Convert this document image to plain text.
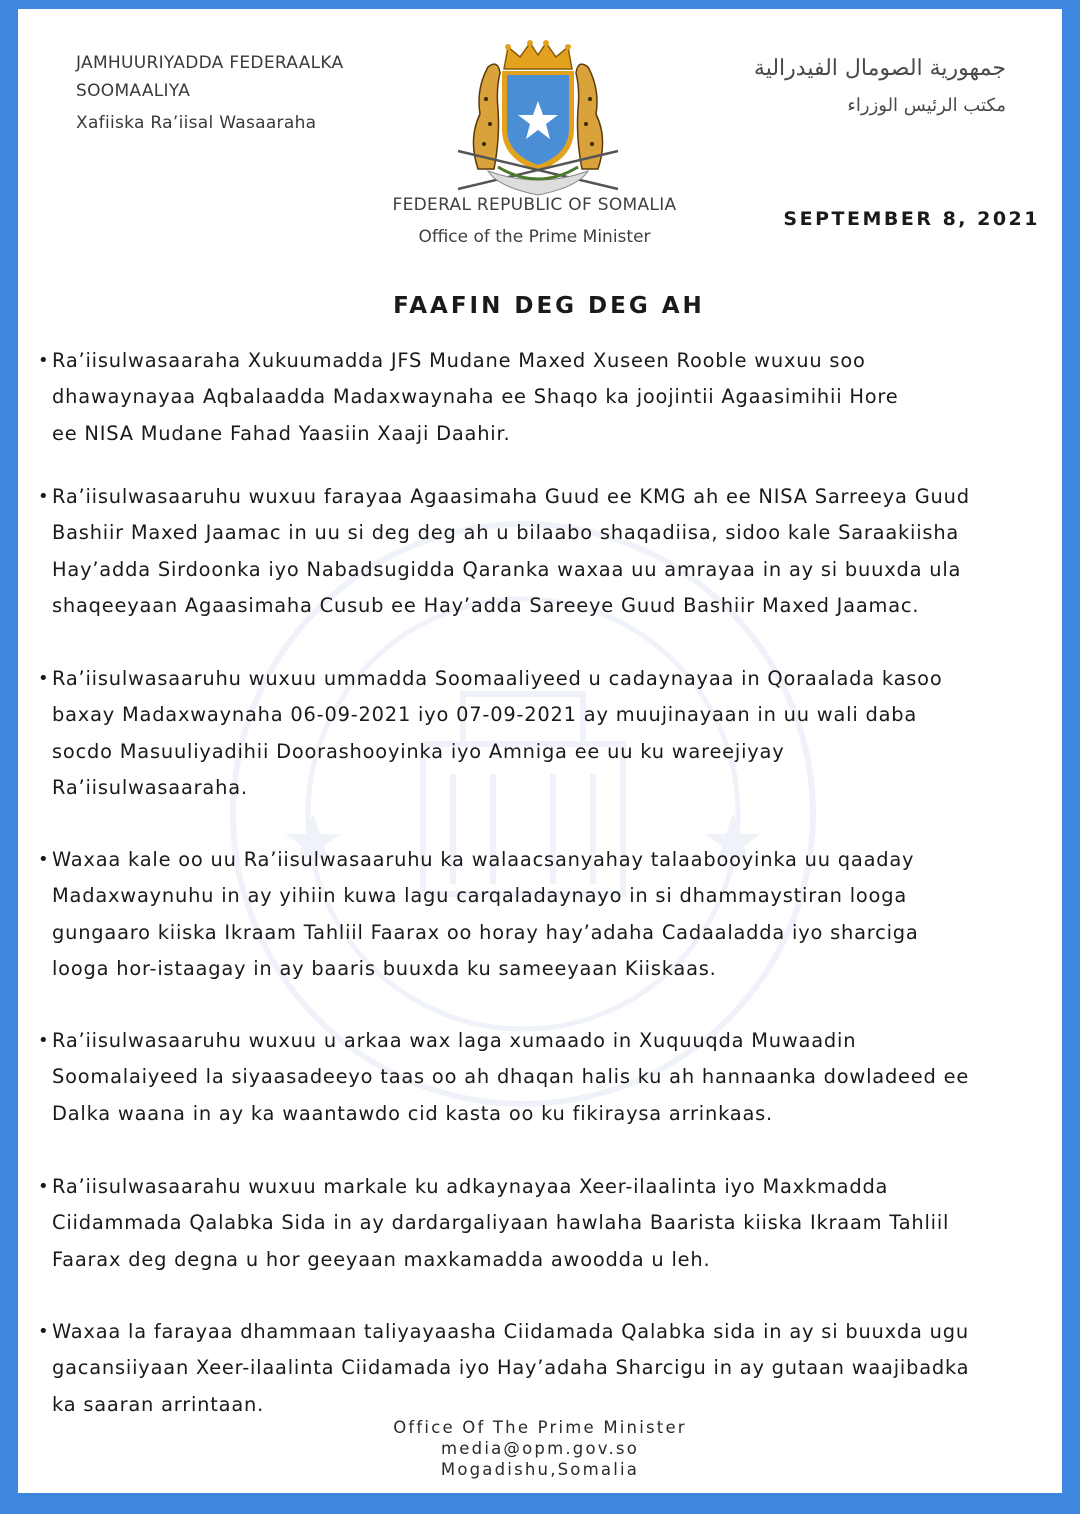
JAMHUURIYADDA FEDERAALKA
SOOMAALIYA
Xafiiska Ra’iisal Wasaaraha
جمهورية الصومال الفيدرالية
مكتب الرئيس الوزراء
FEDERAL REPUBLIC OF SOMALIA
Office of the Prime Minister
SEPTEMBER 8, 2021
FAAFIN DEG DEG AH
• Ra’iisulwasaaraha Xukuumadda JFS Mudane Maxed Xuseen Rooble wuxuu soo
dhawaynayaa Aqbalaadda Madaxwaynaha ee Shaqo ka joojintii Agaasimihii Hore
ee NISA Mudane Fahad Yaasiin Xaaji Daahir.
• Ra’iisulwasaaruhu wuxuu farayaa Agaasimaha Guud ee KMG ah ee NISA Sarreeya Guud
Bashiir Maxed Jaamac in uu si deg deg ah u bilaabo shaqadiisa, sidoo kale Saraakiisha
Hay’adda Sirdoonka iyo Nabadsugidda Qaranka waxaa uu amrayaa in ay si buuxda ula
shaqeeyaan Agaasimaha Cusub ee Hay’adda Sareeye Guud Bashiir Maxed Jaamac.
• Ra’iisulwasaaruhu wuxuu ummadda Soomaaliyeed u cadaynayaa in Qoraalada kasoo
baxay Madaxwaynaha 06-09-2021 iyo 07-09-2021 ay muujinayaan in uu wali daba
socdo Masuuliyadihii Doorashooyinka iyo Amniga ee uu ku wareejiyay
Ra’iisulwasaaraha.
• Waxaa kale oo uu Ra’iisulwasaaruhu ka walaacsanyahay talaabooyinka uu qaaday
Madaxwaynuhu in ay yihiin kuwa lagu carqaladaynayo in si dhammaystiran looga
gungaaro kiiska Ikraam Tahliil Faarax oo horay hay’adaha Cadaaladda iyo sharciga
looga hor-istaagay in ay baaris buuxda ku sameeyaan Kiiskaas.
• Ra’iisulwasaaruhu wuxuu u arkaa wax laga xumaado in Xuquuqda Muwaadin
Soomalaiyeed la siyaasadeeyo taas oo ah dhaqan halis ku ah hannaanka dowladeed ee
Dalka waana in ay ka waantawdo cid kasta oo ku fikiraysa arrinkaas.
• Ra’iisulwasaarahu wuxuu markale ku adkaynayaa Xeer-ilaalinta iyo Maxkmadda
Ciidammada Qalabka Sida in ay dardargaliyaan hawlaha Baarista kiiska Ikraam Tahliil
Faarax deg degna u hor geeyaan maxkamadda awoodda u leh.
• Waxaa la farayaa dhammaan taliyayaasha Ciidamada Qalabka sida in ay si buuxda ugu
gacansiiyaan Xeer-ilaalinta Ciidamada iyo Hay’adaha Sharcigu in ay gutaan waajibadka
ka saaran arrintaan.
Office Of The Prime Minister
media@opm.gov.so
Mogadishu,Somalia
